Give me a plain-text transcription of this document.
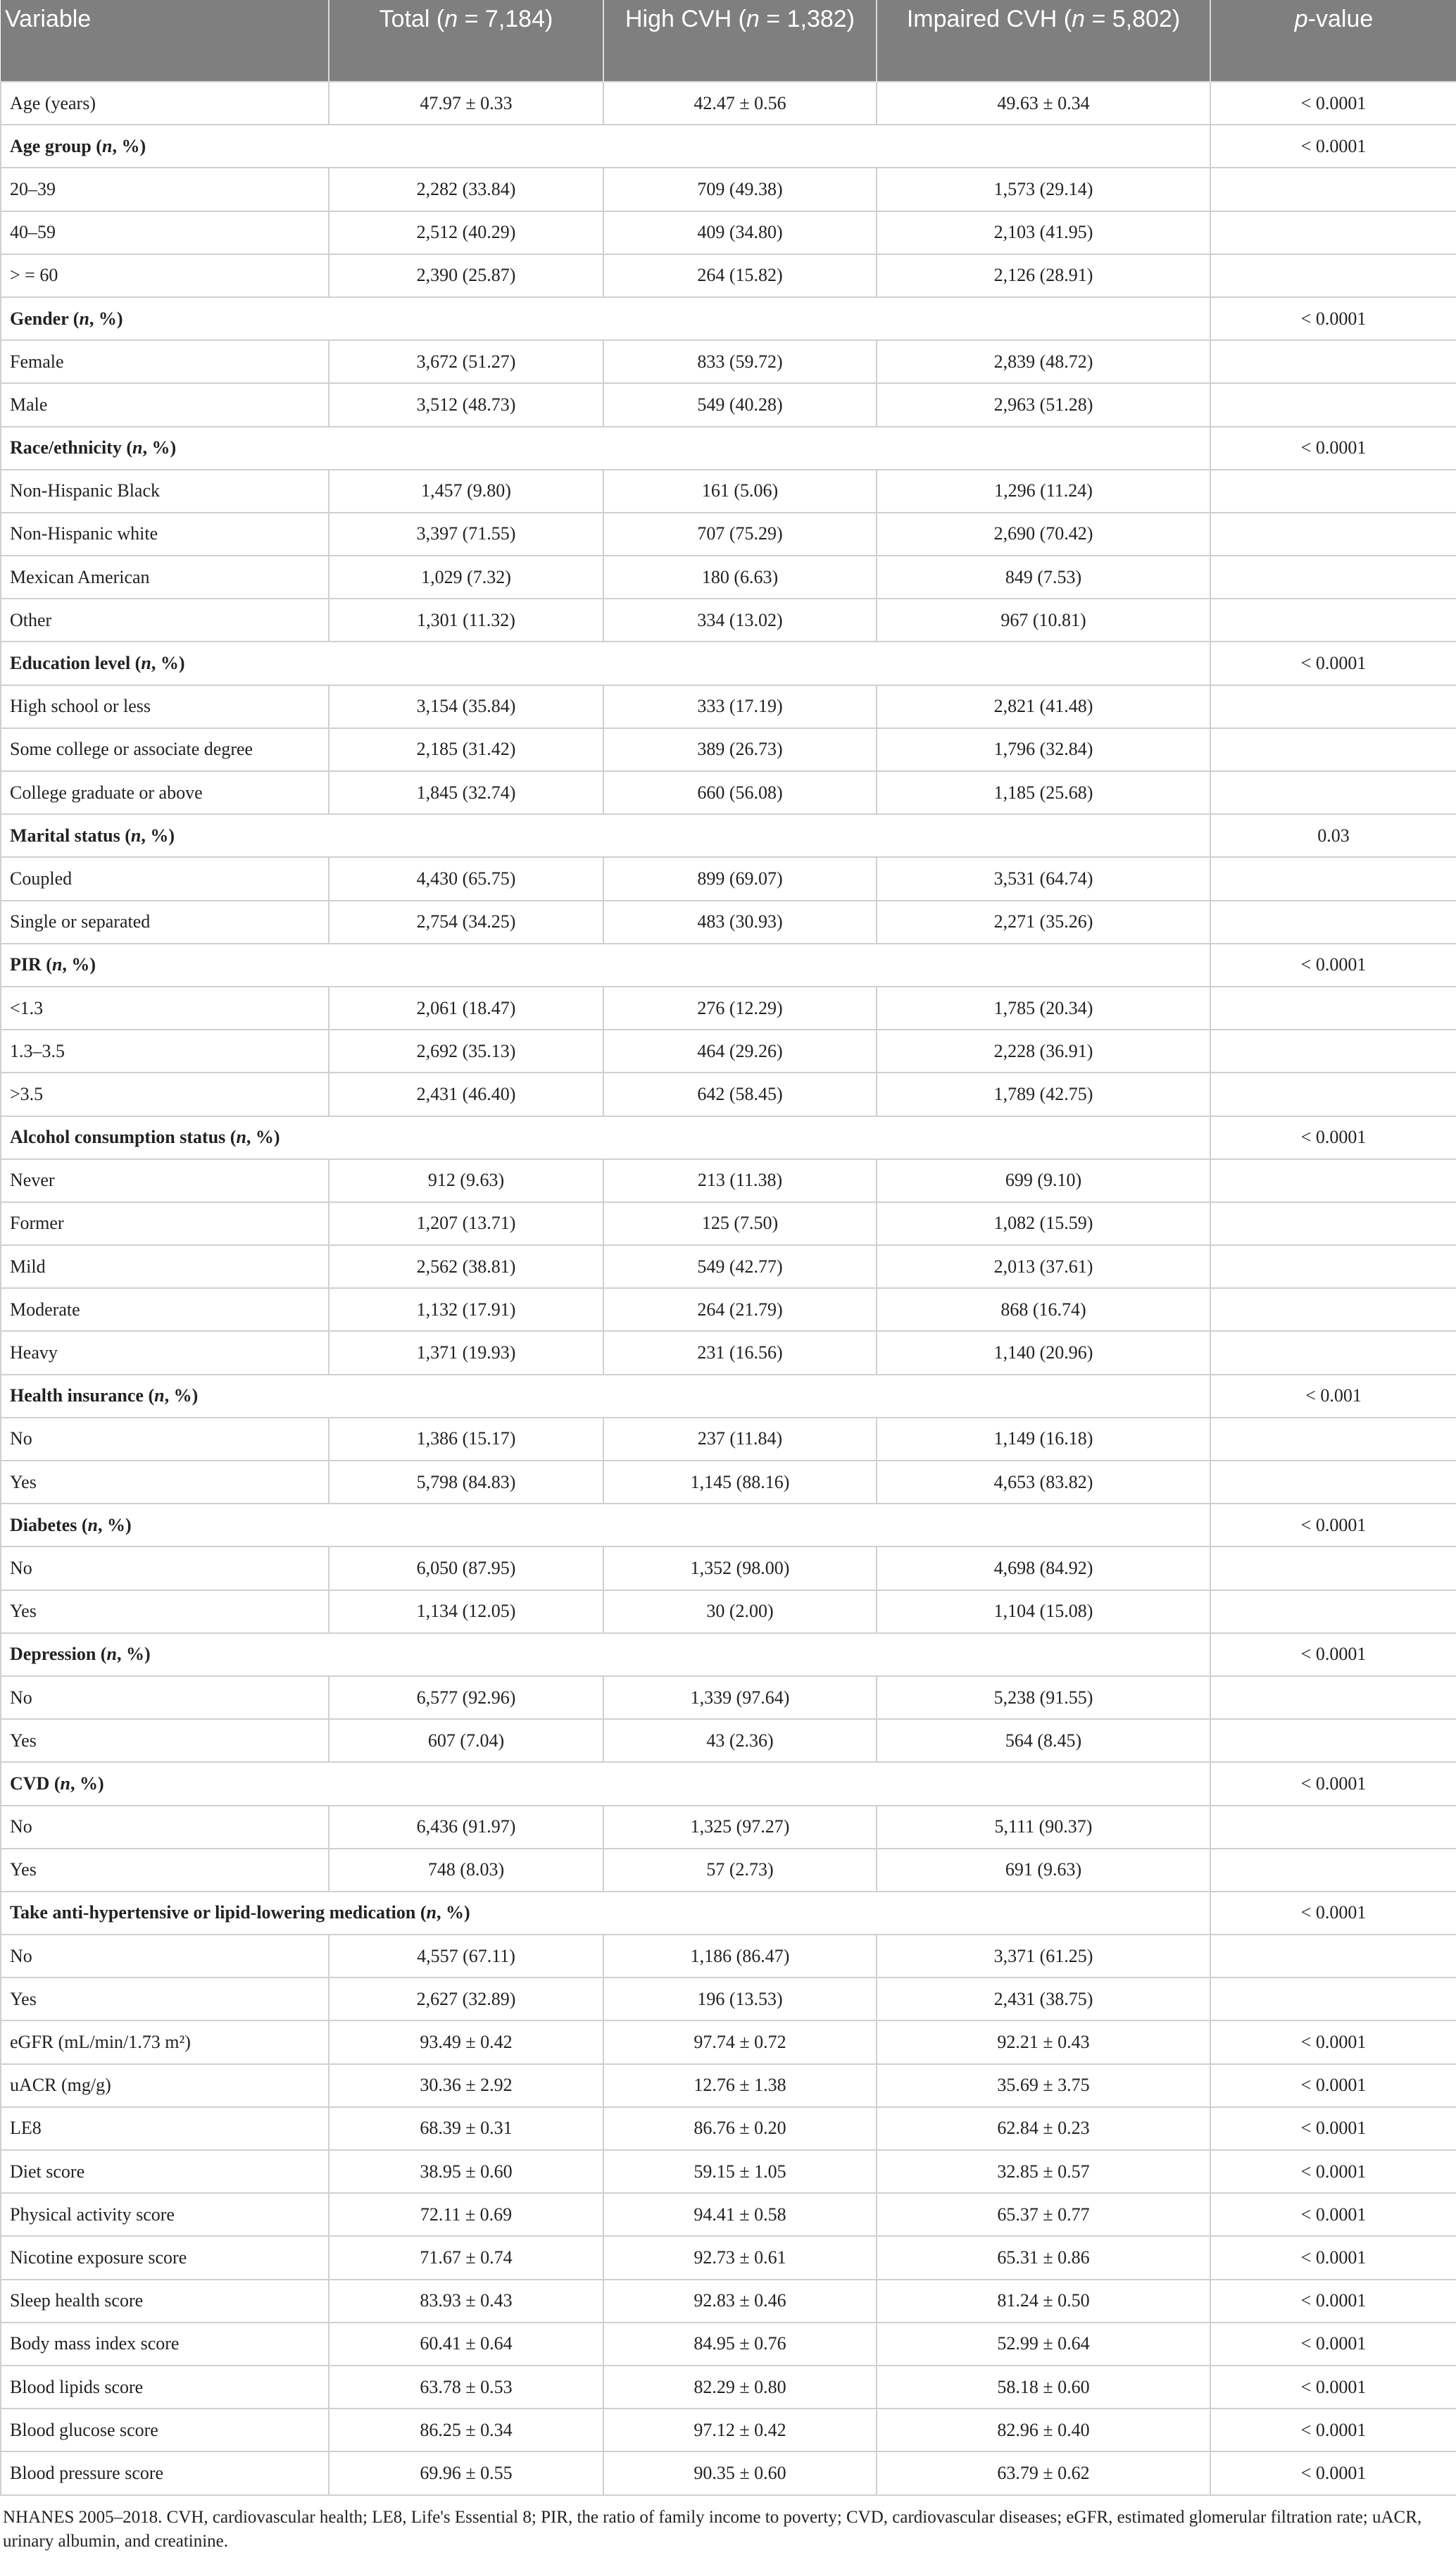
Variable	Total (n = 7,184)	High CVH (n = 1,382)	Impaired CVH (n = 5,802)	p-value

Age (years)	47.97 ± 0.33	42.47 ± 0.56	49.63 ± 0.34	< 0.0001
Age group (n, %)				< 0.0001
20–39	2,282 (33.84)	709 (49.38)	1,573 (29.14)	
40–59	2,512 (40.29)	409 (34.80)	2,103 (41.95)	
> = 60	2,390 (25.87)	264 (15.82)	2,126 (28.91)	
Gender (n, %)				< 0.0001
Female	3,672 (51.27)	833 (59.72)	2,839 (48.72)	
Male	3,512 (48.73)	549 (40.28)	2,963 (51.28)	
Race/ethnicity (n, %)				< 0.0001
Non-Hispanic Black	1,457 (9.80)	161 (5.06)	1,296 (11.24)	
Non-Hispanic white	3,397 (71.55)	707 (75.29)	2,690 (70.42)	
Mexican American	1,029 (7.32)	180 (6.63)	849 (7.53)	
Other	1,301 (11.32)	334 (13.02)	967 (10.81)	
Education level (n, %)				< 0.0001
High school or less	3,154 (35.84)	333 (17.19)	2,821 (41.48)	
Some college or associate degree	2,185 (31.42)	389 (26.73)	1,796 (32.84)	
College graduate or above	1,845 (32.74)	660 (56.08)	1,185 (25.68)	
Marital status (n, %)				0.03
Coupled	4,430 (65.75)	899 (69.07)	3,531 (64.74)	
Single or separated	2,754 (34.25)	483 (30.93)	2,271 (35.26)	
PIR (n, %)				< 0.0001
<1.3	2,061 (18.47)	276 (12.29)	1,785 (20.34)	
1.3–3.5	2,692 (35.13)	464 (29.26)	2,228 (36.91)	
>3.5	2,431 (46.40)	642 (58.45)	1,789 (42.75)	
Alcohol consumption status (n, %)				< 0.0001
Never	912 (9.63)	213 (11.38)	699 (9.10)	
Former	1,207 (13.71)	125 (7.50)	1,082 (15.59)	
Mild	2,562 (38.81)	549 (42.77)	2,013 (37.61)	
Moderate	1,132 (17.91)	264 (21.79)	868 (16.74)	
Heavy	1,371 (19.93)	231 (16.56)	1,140 (20.96)	
Health insurance (n, %)				< 0.001
No	1,386 (15.17)	237 (11.84)	1,149 (16.18)	
Yes	5,798 (84.83)	1,145 (88.16)	4,653 (83.82)	
Diabetes (n, %)				< 0.0001
No	6,050 (87.95)	1,352 (98.00)	4,698 (84.92)	
Yes	1,134 (12.05)	30 (2.00)	1,104 (15.08)	
Depression (n, %)				< 0.0001
No	6,577 (92.96)	1,339 (97.64)	5,238 (91.55)	
Yes	607 (7.04)	43 (2.36)	564 (8.45)	
CVD (n, %)				< 0.0001
No	6,436 (91.97)	1,325 (97.27)	5,111 (90.37)	
Yes	748 (8.03)	57 (2.73)	691 (9.63)	
Take anti-hypertensive or lipid-lowering medication (n, %)				< 0.0001
No	4,557 (67.11)	1,186 (86.47)	3,371 (61.25)	
Yes	2,627 (32.89)	196 (13.53)	2,431 (38.75)	
eGFR (mL/min/1.73 m²)	93.49 ± 0.42	97.74 ± 0.72	92.21 ± 0.43	< 0.0001
uACR (mg/g)	30.36 ± 2.92	12.76 ± 1.38	35.69 ± 3.75	< 0.0001
LE8	68.39 ± 0.31	86.76 ± 0.20	62.84 ± 0.23	< 0.0001
Diet score	38.95 ± 0.60	59.15 ± 1.05	32.85 ± 0.57	< 0.0001
Physical activity score	72.11 ± 0.69	94.41 ± 0.58	65.37 ± 0.77	< 0.0001
Nicotine exposure score	71.67 ± 0.74	92.73 ± 0.61	65.31 ± 0.86	< 0.0001
Sleep health score	83.93 ± 0.43	92.83 ± 0.46	81.24 ± 0.50	< 0.0001
Body mass index score	60.41 ± 0.64	84.95 ± 0.76	52.99 ± 0.64	< 0.0001
Blood lipids score	63.78 ± 0.53	82.29 ± 0.80	58.18 ± 0.60	< 0.0001
Blood glucose score	86.25 ± 0.34	97.12 ± 0.42	82.96 ± 0.40	< 0.0001
Blood pressure score	69.96 ± 0.55	90.35 ± 0.60	63.79 ± 0.62	< 0.0001
NHANES 2005–2018. CVH, cardiovascular health; LE8, Life's Essential 8; PIR, the ratio of family income to poverty; CVD, cardiovascular diseases; eGFR, estimated glomerular filtration rate; uACR, urinary albumin, and creatinine.
